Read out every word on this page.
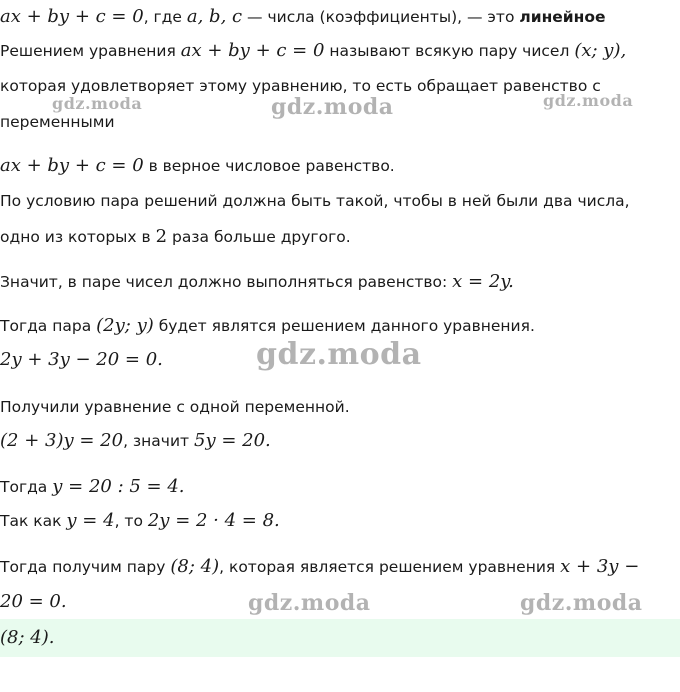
ax + by + c = 0, где a, b, c — числа (коэффициенты), — это линейное
Решением уравнения ax + by + c = 0 называют всякую пару чисел (x; y),
которая удовлетворяет этому уравнению, то есть обращает равенство с
переменными
ax + by + c = 0 в верное числовое равенство.
По условию пара решений должна быть такой, чтобы в ней были два числа,
одно из которых в 2 раза больше другого.
Значит, в паре чисел должно выполняться равенство: x = 2y.
Тогда пара (2y; y) будет являтся решением данного уравнения.
2y + 3y − 20 = 0.
Получили уравнение с одной переменной.
(2 + 3)y = 20, значит 5y = 20.
Тогда y = 20 : 5 = 4.
Так как y = 4, то 2y = 2 · 4 = 8.
Тогда получим пару (8; 4), которая является решением уравнения x + 3y −
20 = 0.
(8; 4).
gdz.moda	gdz.moda	gdz.moda
gdz.moda
gdz.moda	gdz.moda
